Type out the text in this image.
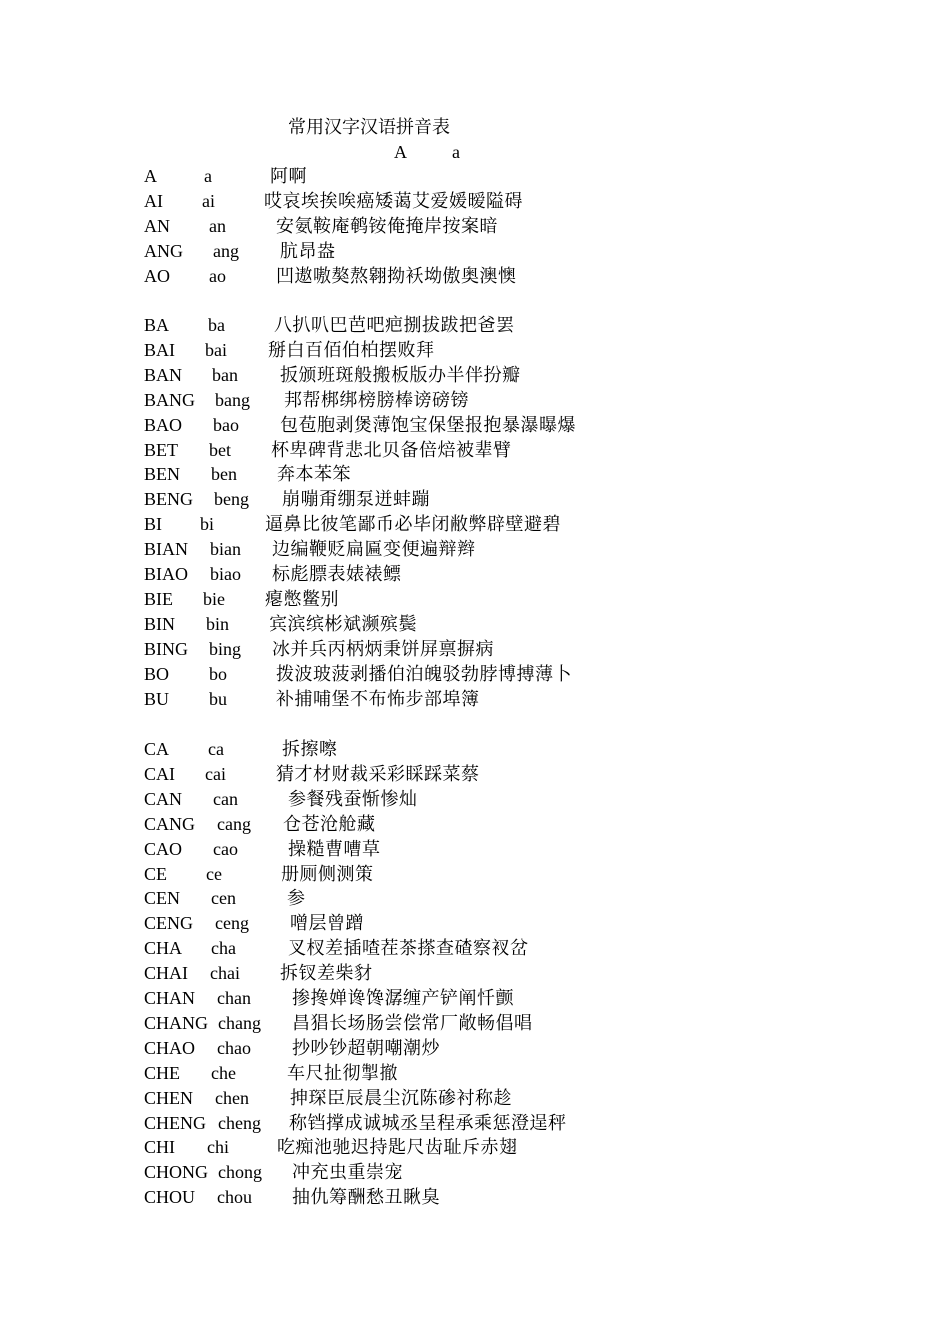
常用汉字汉语拼音表
A	a
A	a	阿啊
AI ai	哎哀埃挨唉癌矮蔼艾爱媛暧隘碍
AN an	安氨鞍庵鹌铵俺掩岸按案暗
ANG ang 肮昂盎
AO ao	凹遨嗷獒熬翱拗袄坳傲奥澳懊
BA ba	八扒叭巴芭吧疤捌拔跋把爸罢
BAI bai 掰白百佰伯柏摆败拜
BAN ban 扳颁班斑般搬板版办半伴扮瓣
BANG bang 邦帮梆绑榜膀棒谤磅镑
BAO bao 包苞胞剥煲薄饱宝保堡报抱暴瀑曝爆
BET bet 杯卑碑背悲北贝备倍焙被辈臂
BEN ben 奔本苯笨
BENG beng 崩嘣甭绷泵迸蚌蹦
BI bi	逼鼻比彼笔鄙币必毕闭敝弊辟壁避碧
BIAN bian 边编鞭贬扁匾变便遍辩辫
BIAO biao 标彪膘表婊裱鳔
BIE bie 瘪憋鳖别
BIN bin 宾滨缤彬斌濒殡鬓
BING bing 冰并兵丙柄炳秉饼屏禀摒病
BO bo	拨波玻菠剥播伯泊魄驳勃脖博搏薄卜
BU bu	补捕哺堡不布怖步部埠簿
CA ca	拆擦嚓
CAI cai	猜才材财裁采彩睬踩菜蔡
CAN can	参餐残蚕惭惨灿
CANG cang 仓苍沧舱藏
CAO cao	操糙曹嘈草
CE ce	册厕侧测策
CEN cen	参
CENG ceng 噌层曾蹭
CHA cha	叉杈差插喳茬茶搽查碴察衩岔
CHAI chai 拆钗差柴豺
CHAN chan 掺搀婵谗馋潺缠产铲阐忏颤
CHANG chang 昌猖长场肠尝偿常厂敞畅倡唱
CHAO chao 抄吵钞超朝嘲潮炒
CHE che	车尺扯彻掣撤
CHEN chen 抻琛臣辰晨尘沉陈碜衬称趁
CHENG cheng 称铛撑成诚城丞呈程承乘惩澄逞秤
CHI chi	吃痴池驰迟持匙尺齿耻斥赤翅
CHONG chong 冲充虫重崇宠
CHOU chou 抽仇筹酬愁丑瞅臭
